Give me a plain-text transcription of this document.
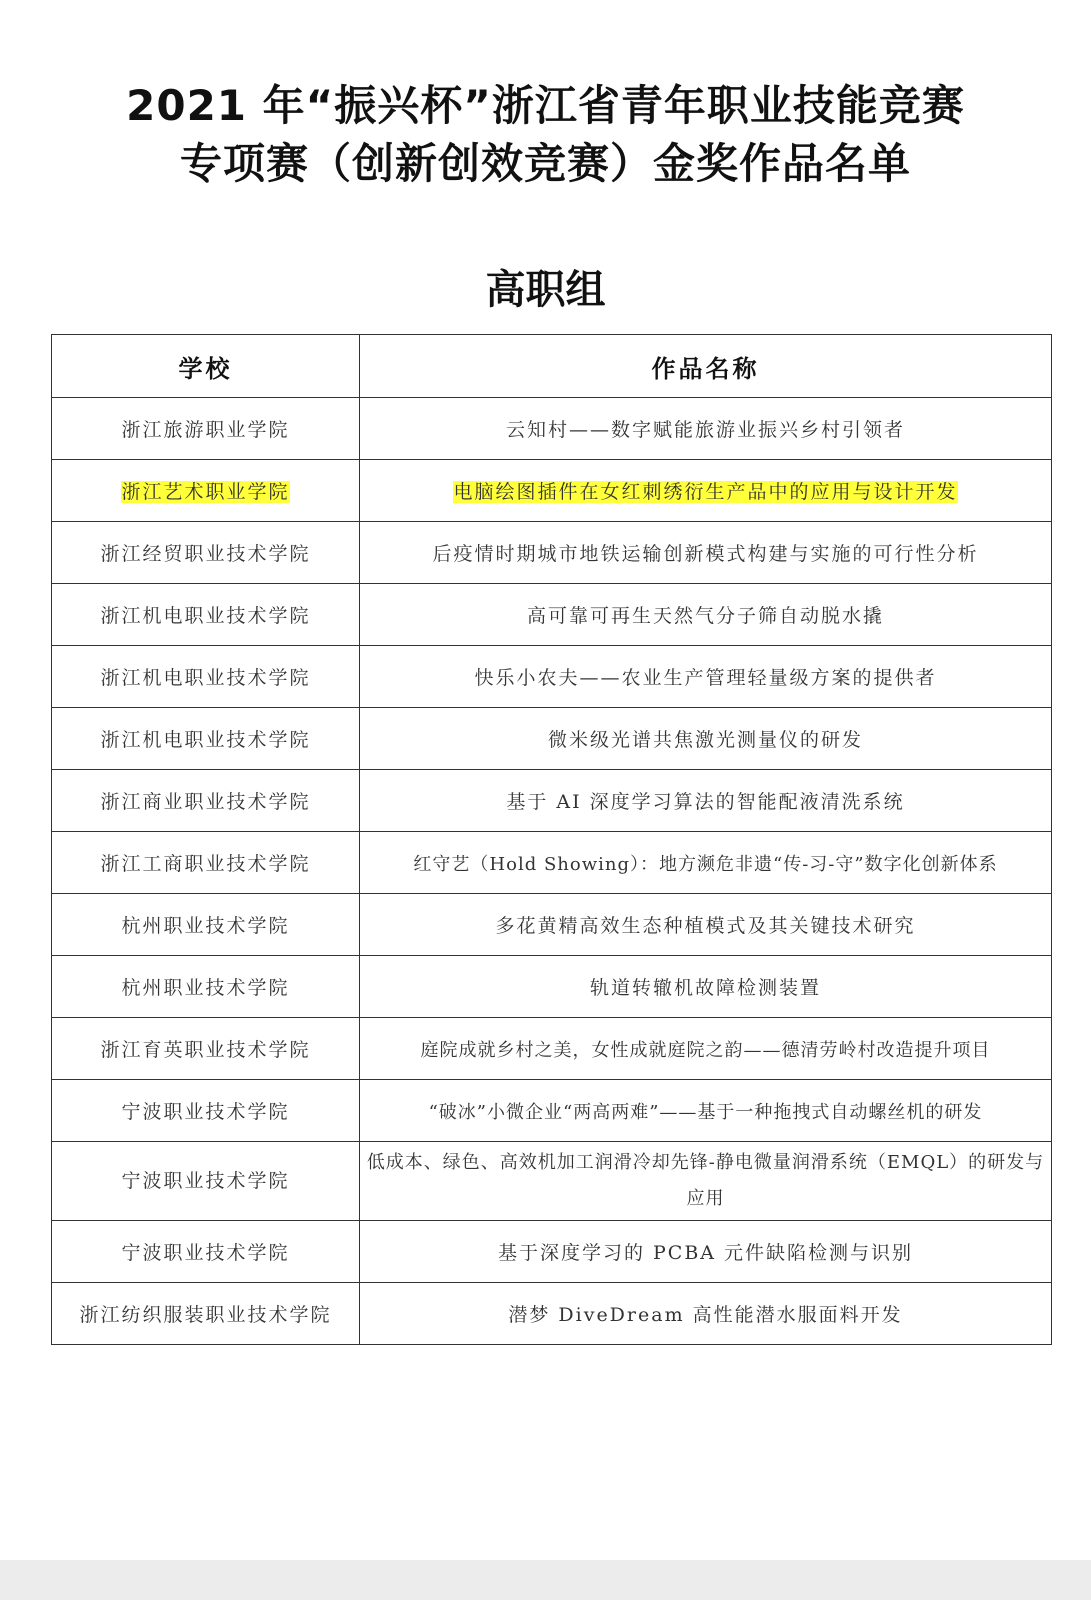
2021 年“振兴杯”浙江省青年职业技能竞赛
专项赛（创新创效竞赛）金奖作品名单
高职组
学校	作品名称
浙江旅游职业学院	云知村——数字赋能旅游业振兴乡村引领者
浙江艺术职业学院	电脑绘图插件在女红刺绣衍生产品中的应用与设计开发
浙江经贸职业技术学院	后疫情时期城市地铁运输创新模式构建与实施的可行性分析
浙江机电职业技术学院	高可靠可再生天然气分子筛自动脱水撬
浙江机电职业技术学院	快乐小农夫——农业生产管理轻量级方案的提供者
浙江机电职业技术学院	微米级光谱共焦激光测量仪的研发
浙江商业职业技术学院	基于 AI 深度学习算法的智能配液清洗系统
浙江工商职业技术学院	红守艺（Hold Showing）：地方濒危非遗“传-习-守”数字化创新体系
杭州职业技术学院	多花黄精高效生态种植模式及其关键技术研究
杭州职业技术学院	轨道转辙机故障检测装置
浙江育英职业技术学院	庭院成就乡村之美，女性成就庭院之韵——德清劳岭村改造提升项目
宁波职业技术学院	“破冰”小微企业“两高两难”——基于一种拖拽式自动螺丝机的研发
宁波职业技术学院	低成本、绿色、高效机加工润滑冷却先锋-静电微量润滑系统（EMQL）的研发与应用
宁波职业技术学院	基于深度学习的 PCBA 元件缺陷检测与识别
浙江纺织服装职业技术学院	潜梦 DiveDream 高性能潜水服面料开发
